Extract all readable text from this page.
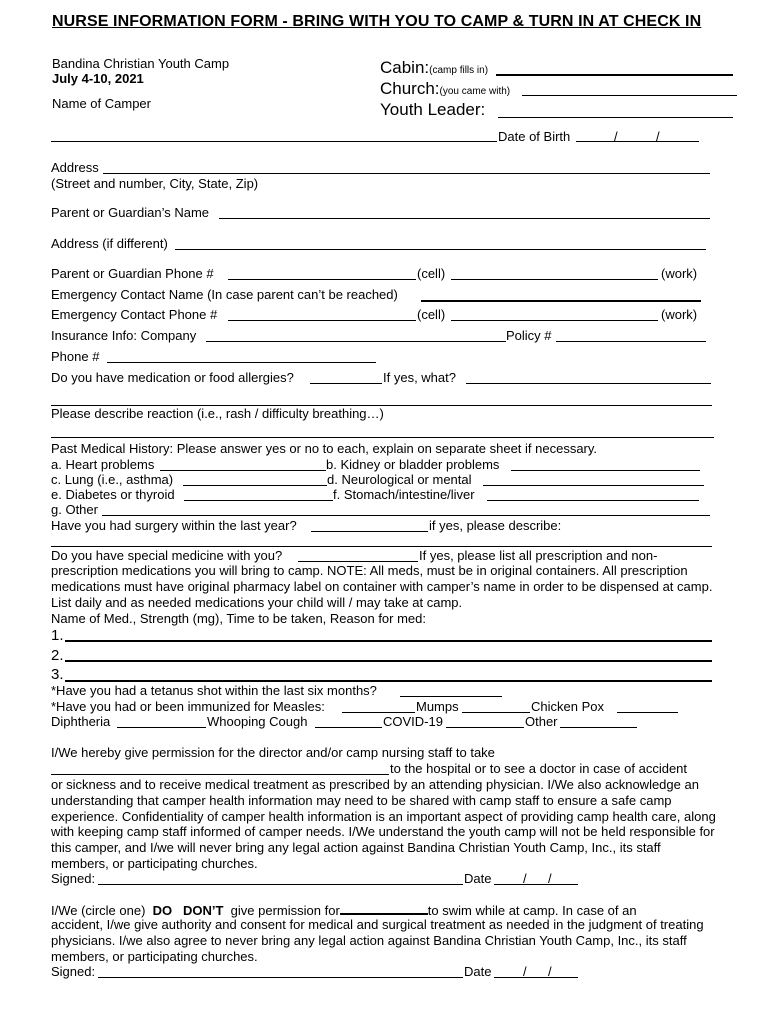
NURSE INFORMATION FORM - BRING WITH YOU TO CAMP & TURN IN AT CHECK IN
Bandina Christian Youth Camp
July 4-10, 2021
Name of Camper
Cabin:(camp fills in)
Church:(you came with)
Youth Leader:
Date of Birth	/	/
Address
(Street and number, City, State, Zip)
Parent or Guardian’s Name
Address (if different)
Parent or Guardian Phone #	(cell)	(work)
Emergency Contact Name (In case parent can’t be reached)
Emergency Contact Phone #	(cell)	(work)
Insurance Info: Company	Policy #
Phone #
Do you have medication or food allergies?	If yes, what?
Please describe reaction (i.e., rash / difficulty breathing…)
Past Medical History: Please answer yes or no to each, explain on separate sheet if necessary.
a. Heart problems	b. Kidney or bladder problems
c. Lung (i.e., asthma)	d. Neurological or mental
e. Diabetes or thyroid	f. Stomach/intestine/liver
g. Other
Have you had surgery within the last year?	if yes, please describe:
Do you have special medicine with you?	If yes, please list all prescription and non-
prescription medications you will bring to camp. NOTE: All meds, must be in original containers. All prescription medications must have original pharmacy label on container with camper’s name in order to be dispensed at camp. List daily and as needed medications your child will / may take at camp.
Name of Med., Strength (mg), Time to be taken, Reason for med:
1.
2.
3.
*Have you had a tetanus shot within the last six months?
*Have you had or been immunized for Measles:	Mumps	Chicken Pox
Diphtheria	Whooping Cough	COVID-19	Other
I/We hereby give permission for the director and/or camp nursing staff to take
to the hospital or to see a doctor in case of accident
or sickness and to receive medical treatment as prescribed by an attending physician. I/We also acknowledge an understanding that camper health information may need to be shared with camp staff to ensure a safe camp experience. Confidentiality of camper health information is an important aspect of providing camp health care, along with keeping camp staff informed of camper needs. I/We understand the youth camp will not be held responsible for this camper, and I/we will never bring any legal action against Bandina Christian Youth Camp, Inc., its staff members, or participating churches.
Signed:	Date / /
I/We (circle one) DO DON’T give permission for	to swim while at camp. In case of an
accident, I/we give authority and consent for medical and surgical treatment as needed in the judgment of treating physicians. I/we also agree to never bring any legal action against Bandina Christian Youth Camp, Inc., its staff members, or participating churches.
Signed:	Date / /
